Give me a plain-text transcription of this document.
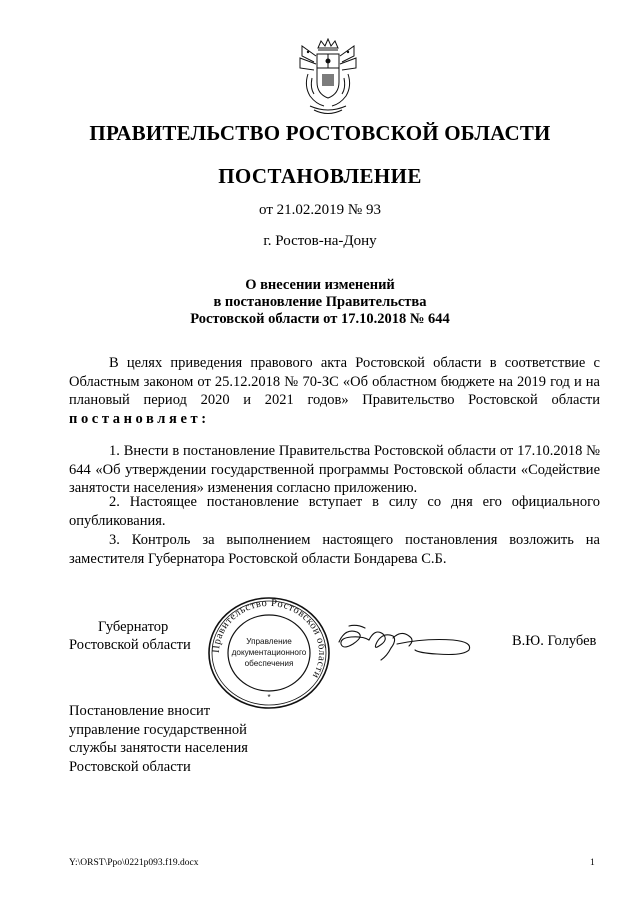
ПРАВИТЕЛЬСТВО РОСТОВСКОЙ ОБЛАСТИ
ПОСТАНОВЛЕНИЕ
от 21.02.2019 № 93
г. Ростов-на-Дону
О внесении изменений
в постановление Правительства
Ростовской области от 17.10.2018 № 644
В целях приведения правового акта Ростовской области в соответствие с Областным законом от 25.12.2018 № 70-ЗС «Об областном бюджете на 2019 год и на плановый период 2020 и 2021 годов» Правительство Ростовской области постановляет:
1. Внести в постановление Правительства Ростовской области от 17.10.2018 № 644 «Об утверждении государственной программы Ростовской области «Содействие занятости населения» изменения согласно приложению.
2. Настоящее постановление вступает в силу со дня его официального опубликования.
3. Контроль за выполнением настоящего постановления возложить на заместителя Губернатора Ростовской области Бондарева С.Б.
Губернатор
Ростовской области Правительство Ростовской области
Управление
документационного
обеспечения
*
В.Ю. Голубев
Постановление вносит
управление государственной
службы занятости населения
Ростовской области
Y:\ORST\Ppo\0221p093.f19.docx	1
